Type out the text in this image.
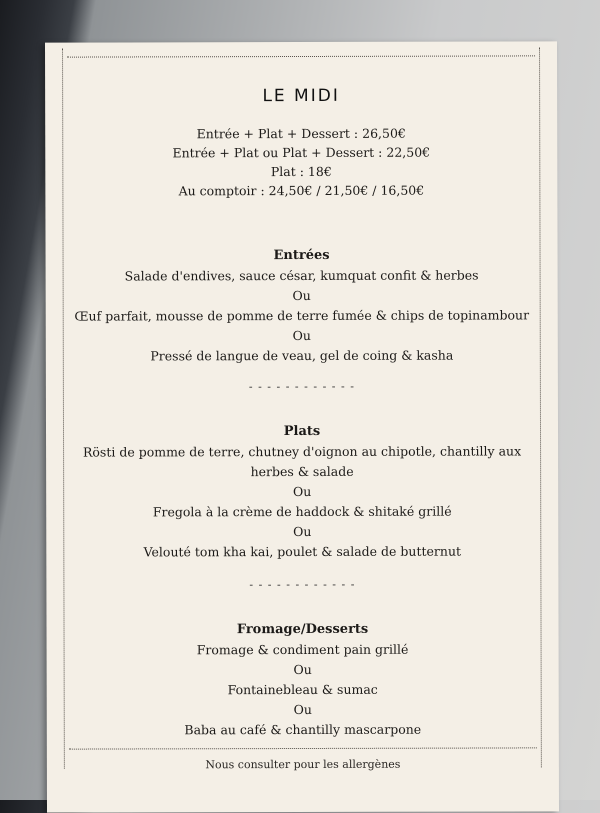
LE MIDI
Entrée + Plat + Dessert : 26,50€
Entrée + Plat ou Plat + Dessert : 22,50€
Plat : 18€
Au comptoir : 24,50€ / 21,50€ / 16,50€
Entrées
Salade d'endives, sauce césar, kumquat confit & herbes
Ou
Œuf parfait, mousse de pomme de terre fumée & chips de topinambour
Ou
Pressé de langue de veau, gel de coing & kasha
- - - - - - - - - - - -
Plats
Rösti de pomme de terre, chutney d'oignon au chipotle, chantilly aux herbes & salade
Ou
Fregola à la crème de haddock & shitaké grillé
Ou
Velouté tom kha kai, poulet & salade de butternut
- - - - - - - - - - - -
Fromage/Desserts
Fromage & condiment pain grillé
Ou
Fontainebleau & sumac
Ou
Baba au café & chantilly mascarpone
Nous consulter pour les allergènes
